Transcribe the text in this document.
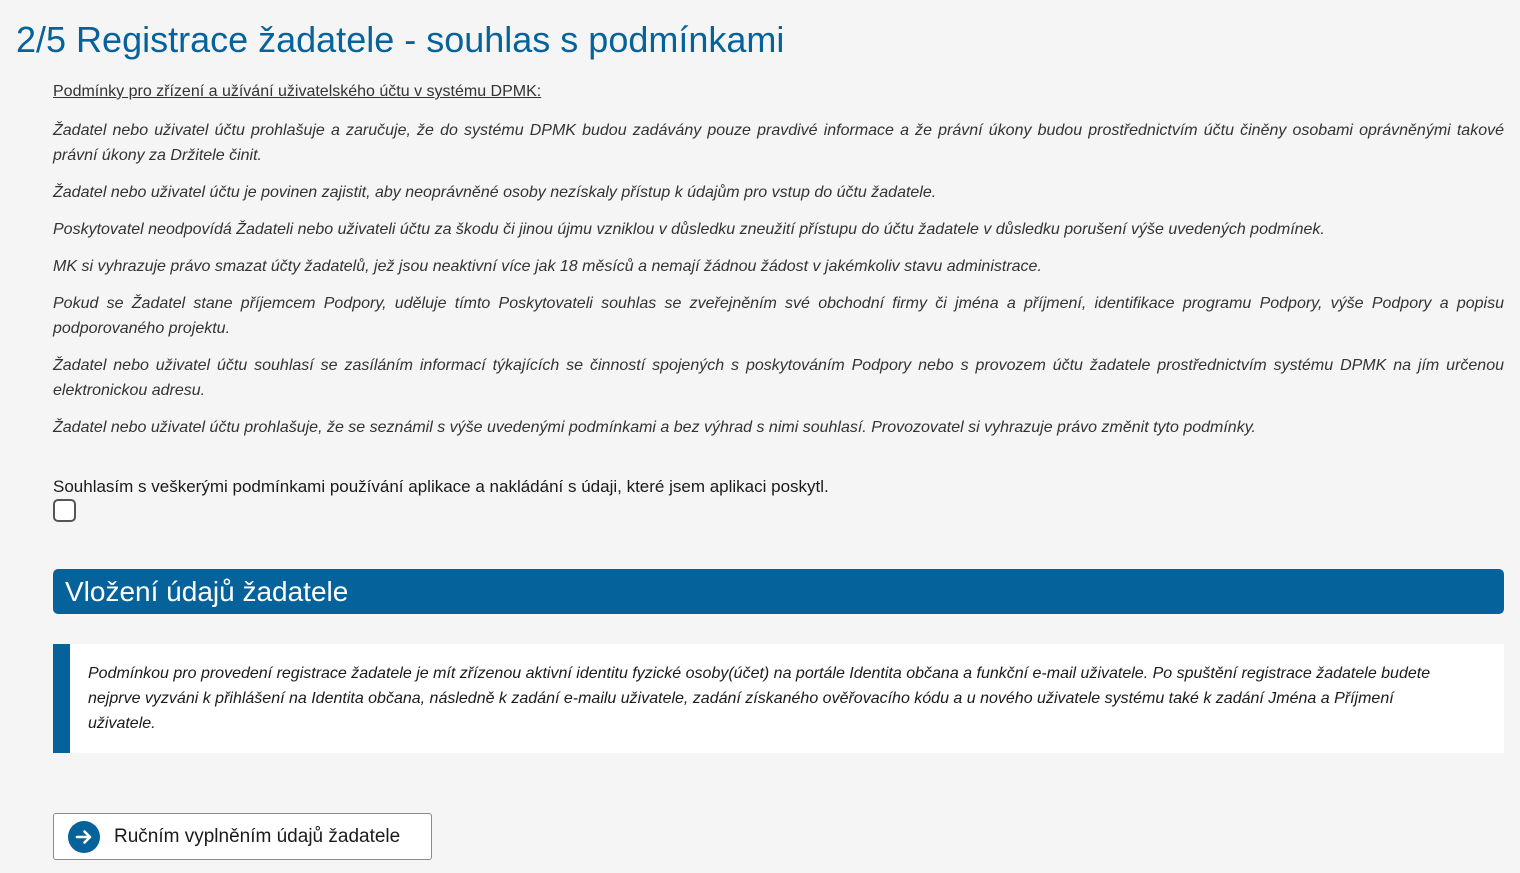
2/5 Registrace žadatele - souhlas s podmínkami
Podmínky pro zřízení a užívání uživatelského účtu v systému DPMK:

Žadatel nebo uživatel účtu prohlašuje a zaručuje, že do systému DPMK budou zadávány pouze pravdivé informace a že právní úkony budou prostřednictvím účtu činěny osobami oprávněnými takové právní úkony za Držitele činit.

Žadatel nebo uživatel účtu je povinen zajistit, aby neoprávněné osoby nezískaly přístup k údajům pro vstup do účtu žadatele.

Poskytovatel neodpovídá Žadateli nebo uživateli účtu za škodu či jinou újmu vzniklou v důsledku zneužití přístupu do účtu žadatele v důsledku porušení výše uvedených podmínek.

MK si vyhrazuje právo smazat účty žadatelů, jež jsou neaktivní více jak 18 měsíců a nemají žádnou žádost v jakémkoliv stavu administrace.

Pokud se Žadatel stane příjemcem Podpory, uděluje tímto Poskytovateli souhlas se zveřejněním své obchodní firmy či jména a příjmení, identifikace programu Podpory, výše Podpory a popisu podporovaného projektu.

Žadatel nebo uživatel účtu souhlasí se zasíláním informací týkajících se činností spojených s poskytováním Podpory nebo s provozem účtu žadatele prostřednictvím systému DPMK na jím určenou elektronickou adresu.

Žadatel nebo uživatel účtu prohlašuje, že se seznámil s výše uvedenými podmínkami a bez výhrad s nimi souhlasí. Provozovatel si vyhrazuje právo změnit tyto podmínky.

Souhlasím s veškerými podmínkami používání aplikace a nakládání s údaji, které jsem aplikaci poskytl.
Vložení údajů žadatele

Podmínkou pro provedení registrace žadatele je mít zřízenou aktivní identitu fyzické osoby(účet) na portále Identita občana a funkční e-mail uživatele. Po spuštění registrace žadatele budete nejprve vyzváni k přihlášení na Identita občana, následně k zadání e-mailu uživatele, zadání získaného ověřovacího kódu a u nového uživatele systému také k zadání Jména a Příjmení uživatele.

Ručním vyplněním údajů žadatele
